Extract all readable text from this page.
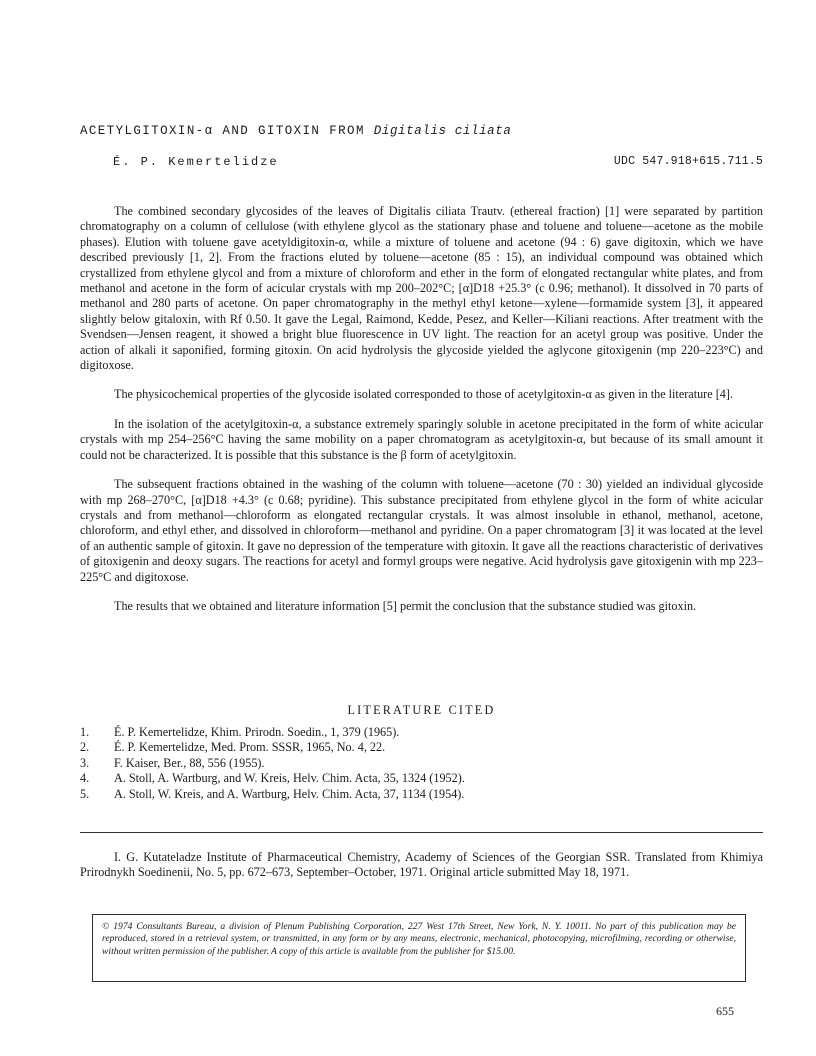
ACETYLGITOXIN-α AND GITOXIN FROM Digitalis ciliata
É. P. Kemertelidze	UDC 547.918+615.711.5

The combined secondary glycosides of the leaves of Digitalis ciliata Trautv. (ethereal fraction) [1] were separated by partition chromatography on a column of cellulose (with ethylene glycol as the stationary phase and toluene and toluene—acetone as the mobile phases). Elution with toluene gave acetyldigitoxin-α, while a mixture of toluene and acetone (94 : 6) gave digitoxin, which we have described previously [1, 2]. From the fractions eluted by toluene—acetone (85 : 15), an individual compound was obtained which crystallized from ethylene glycol and from a mixture of chloroform and ether in the form of elongated rectangular white plates, and from methanol and acetone in the form of acicular crystals with mp 200–202°C; [α]D18 +25.3° (c 0.96; methanol). It dissolved in 70 parts of methanol and 280 parts of acetone. On paper chromatography in the methyl ethyl ketone—xylene—formamide system [3], it appeared slightly below gitaloxin, with Rf 0.50. It gave the Legal, Raimond, Kedde, Pesez, and Keller—Kiliani reactions. After treatment with the Svendsen—Jensen reagent, it showed a bright blue fluorescence in UV light. The reaction for an acetyl group was positive. Under the action of alkali it saponified, forming gitoxin. On acid hydrolysis the glycoside yielded the aglycone gitoxigenin (mp 220–223°C) and digitoxose.

The physicochemical properties of the glycoside isolated corresponded to those of acetylgitoxin-α as given in the literature [4].

In the isolation of the acetylgitoxin-α, a substance extremely sparingly soluble in acetone precipitated in the form of white acicular crystals with mp 254–256°C having the same mobility on a paper chromatogram as acetylgitoxin-α, but because of its small amount it could not be characterized. It is possible that this substance is the β form of acetylgitoxin.

The subsequent fractions obtained in the washing of the column with toluene—acetone (70 : 30) yielded an individual glycoside with mp 268–270°C, [α]D18 +4.3° (c 0.68; pyridine). This substance precipitated from ethylene glycol in the form of white acicular crystals and from methanol—chloroform as elongated rectangular crystals. It was almost insoluble in ethanol, methanol, acetone, chloroform, and ethyl ether, and dissolved in chloroform—methanol and pyridine. On a paper chromatogram [3] it was located at the level of an authentic sample of gitoxin. It gave no depression of the temperature with gitoxin. It gave all the reactions characteristic of derivatives of gitoxigenin and deoxy sugars. The reactions for acetyl and formyl groups were negative. Acid hydrolysis gave gitoxigenin with mp 223–225°C and digitoxose.

The results that we obtained and literature information [5] permit the conclusion that the substance studied was gitoxin.

LITERATURE CITED
1. É. P. Kemertelidze, Khim. Prirodn. Soedin., 1, 379 (1965).
2. É. P. Kemertelidze, Med. Prom. SSSR, 1965, No. 4, 22.
3. F. Kaiser, Ber., 88, 556 (1955).
4. A. Stoll, A. Wartburg, and W. Kreis, Helv. Chim. Acta, 35, 1324 (1952).
5. A. Stoll, W. Kreis, and A. Wartburg, Helv. Chim. Acta, 37, 1134 (1954).

I. G. Kutateladze Institute of Pharmaceutical Chemistry, Academy of Sciences of the Georgian SSR. Translated from Khimiya Prirodnykh Soedinenii, No. 5, pp. 672–673, September–October, 1971. Original article submitted May 18, 1971.

© 1974 Consultants Bureau, a division of Plenum Publishing Corporation, 227 West 17th Street, New York, N. Y. 10011. No part of this publication may be reproduced, stored in a retrieval system, or transmitted, in any form or by any means, electronic, mechanical, photocopying, microfilming, recording or otherwise, without written permission of the publisher. A copy of this article is available from the publisher for $15.00.

655
